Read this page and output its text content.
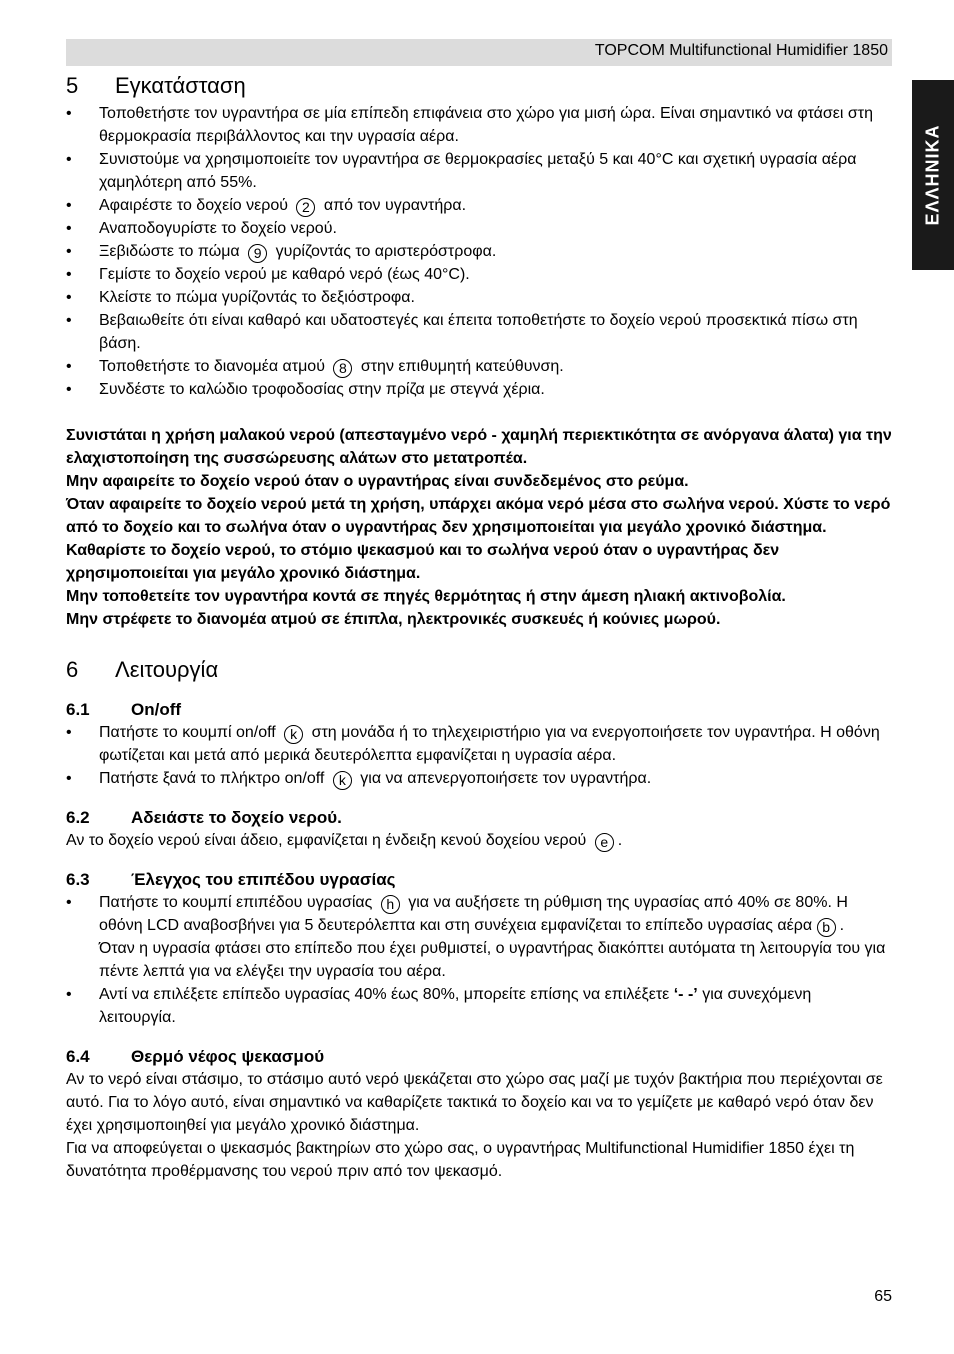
TOPCOM Multifunctional Humidifier 1850
ΕΛΛΗΝΙΚΑ
5	Εγκατάσταση
• Τοποθετήστε τον υγραντήρα σε μία επίπεδη επιφάνεια στο χώρο για μισή ώρα. Είναι σημαντικό να φτάσει στη θερμοκρασία περιβάλλοντος και την υγρασία αέρα.
• Συνιστούμε να χρησιμοποιείτε τον υγραντήρα σε θερμοκρασίες μεταξύ 5 και 40°C και σχετική υγρασία αέρα χαμηλότερη από 55%.
• Αφαιρέστε το δοχείο νερού 2 από τον υγραντήρα.
• Αναποδογυρίστε το δοχείο νερού.
• Ξεβιδώστε το πώμα 9 γυρίζοντάς το αριστερόστροφα.
• Γεμίστε το δοχείο νερού με καθαρό νερό (έως 40°C).
• Κλείστε το πώμα γυρίζοντάς το δεξιόστροφα.
• Βεβαιωθείτε ότι είναι καθαρό και υδατοστεγές και έπειτα τοποθετήστε το δοχείο νερού προσεκτικά πίσω στη βάση.
• Τοποθετήστε το διανομέα ατμού 8 στην επιθυμητή κατεύθυνση.
• Συνδέστε το καλώδιο τροφοδοσίας στην πρίζα με στεγνά χέρια.

Συνιστάται η χρήση μαλακού νερού (απεσταγμένο νερό - χαμηλή περιεκτικότητα σε ανόργανα άλατα) για την ελαχιστοποίηση της συσσώρευσης αλάτων στο μετατροπέα.

Μην αφαιρείτε το δοχείο νερού όταν ο υγραντήρας είναι συνδεδεμένος στο ρεύμα.

Όταν αφαιρείτε το δοχείο νερού μετά τη χρήση, υπάρχει ακόμα νερό μέσα στο σωλήνα νερού. Χύστε το νερό από το δοχείο και το σωλήνα όταν ο υγραντήρας δεν χρησιμοποιείται για μεγάλο χρονικό διάστημα.

Καθαρίστε το δοχείο νερού, το στόμιο ψεκασμού και το σωλήνα νερού όταν ο υγραντήρας δεν χρησιμοποιείται για μεγάλο χρονικό διάστημα.

Μην τοποθετείτε τον υγραντήρα κοντά σε πηγές θερμότητας ή στην άμεση ηλιακή ακτινοβολία.

Μην στρέφετε το διανομέα ατμού σε έπιπλα, ηλεκτρονικές συσκευές ή κούνιες μωρού.

6	Λειτουργία
6.1	On/off
• Πατήστε το κουμπί on/off k στη μονάδα ή το τηλεχειριστήριο για να ενεργοποιήσετε τον υγραντήρα. Η οθόνη φωτίζεται και μετά από μερικά δευτερόλεπτα εμφανίζεται η υγρασία αέρα.
• Πατήστε ξανά το πλήκτρο on/off k για να απενεργοποιήσετε τον υγραντήρα.
6.2	Αδειάστε το δοχείο νερού.

Αν το δοχείο νερού είναι άδειο, εμφανίζεται η ένδειξη κενού δοχείου νερού e .

6.3	Έλεγχος του επιπέδου υγρασίας
• Πατήστε το κουμπί επιπέδου υγρασίας h για να αυξήσετε τη ρύθμιση της υγρασίας από 40% σε 80%. Η οθόνη LCD αναβοσβήνει για 5 δευτερόλεπτα και στη συνέχεια εμφανίζεται το επίπεδο υγρασίας αέρα b .
Όταν η υγρασία φτάσει στο επίπεδο που έχει ρυθμιστεί, ο υγραντήρας διακόπτει αυτόματα τη λειτουργία του για πέντε λεπτά για να ελέγξει την υγρασία του αέρα.
• Αντί να επιλέξετε επίπεδο υγρασίας 40% έως 80%, μπορείτε επίσης να επιλέξετε ‘- -’ για συνεχόμενη λειτουργία.
6.4	Θερμό νέφος ψεκασμού

Αν το νερό είναι στάσιμο, το στάσιμο αυτό νερό ψεκάζεται στο χώρο σας μαζί με τυχόν βακτήρια που περιέχονται σε αυτό. Για το λόγο αυτό, είναι σημαντικό να καθαρίζετε τακτικά το δοχείο και να το γεμίζετε με καθαρό νερό όταν δεν έχει χρησιμοποιηθεί για μεγάλο χρονικό διάστημα.

Για να αποφεύγεται ο ψεκασμός βακτηρίων στο χώρο σας, ο υγραντήρας Multifunctional Humidifier 1850 έχει τη δυνατότητα προθέρμανσης του νερού πριν από τον ψεκασμό.

65
